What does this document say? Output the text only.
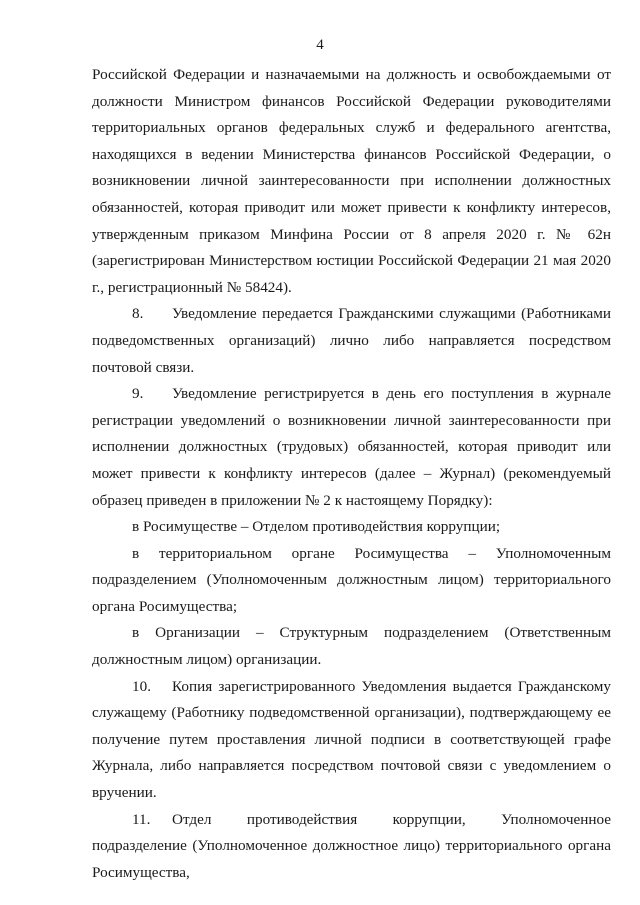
4

Российской Федерации и назначаемыми на должность и освобождаемыми от должности Министром финансов Российской Федерации руководителями территориальных органов федеральных служб и федерального агентства, находящихся в ведении Министерства финансов Российской Федерации, о возникновении личной заинтересованности при исполнении должностных обязанностей, которая приводит или может привести к конфликту интересов, утвержденным приказом Минфина России от 8 апреля 2020 г. № 62н (зарегистрирован Министерством юстиции Российской Федерации 21 мая 2020 г., регистрационный № 58424).

8. Уведомление передается Гражданскими служащими (Работниками подведомственных организаций) лично либо направляется посредством почтовой связи.

9. Уведомление регистрируется в день его поступления в журнале регистрации уведомлений о возникновении личной заинтересованности при исполнении должностных (трудовых) обязанностей, которая приводит или может привести к конфликту интересов (далее – Журнал) (рекомендуемый образец приведен в приложении № 2 к настоящему Порядку):

в Росимуществе – Отделом противодействия коррупции;

в территориальном органе Росимущества – Уполномоченным подразделением (Уполномоченным должностным лицом) территориального органа Росимущества;

в Организации – Структурным подразделением (Ответственным должностным лицом) организации.

10. Копия зарегистрированного Уведомления выдается Гражданскому служащему (Работнику подведомственной организации), подтверждающему ее получение путем проставления личной подписи в соответствующей графе Журнала, либо направляется посредством почтовой связи с уведомлением о вручении.

11. Отдел противодействия коррупции, Уполномоченное подразделение (Уполномоченное должностное лицо) территориального органа Росимущества,
